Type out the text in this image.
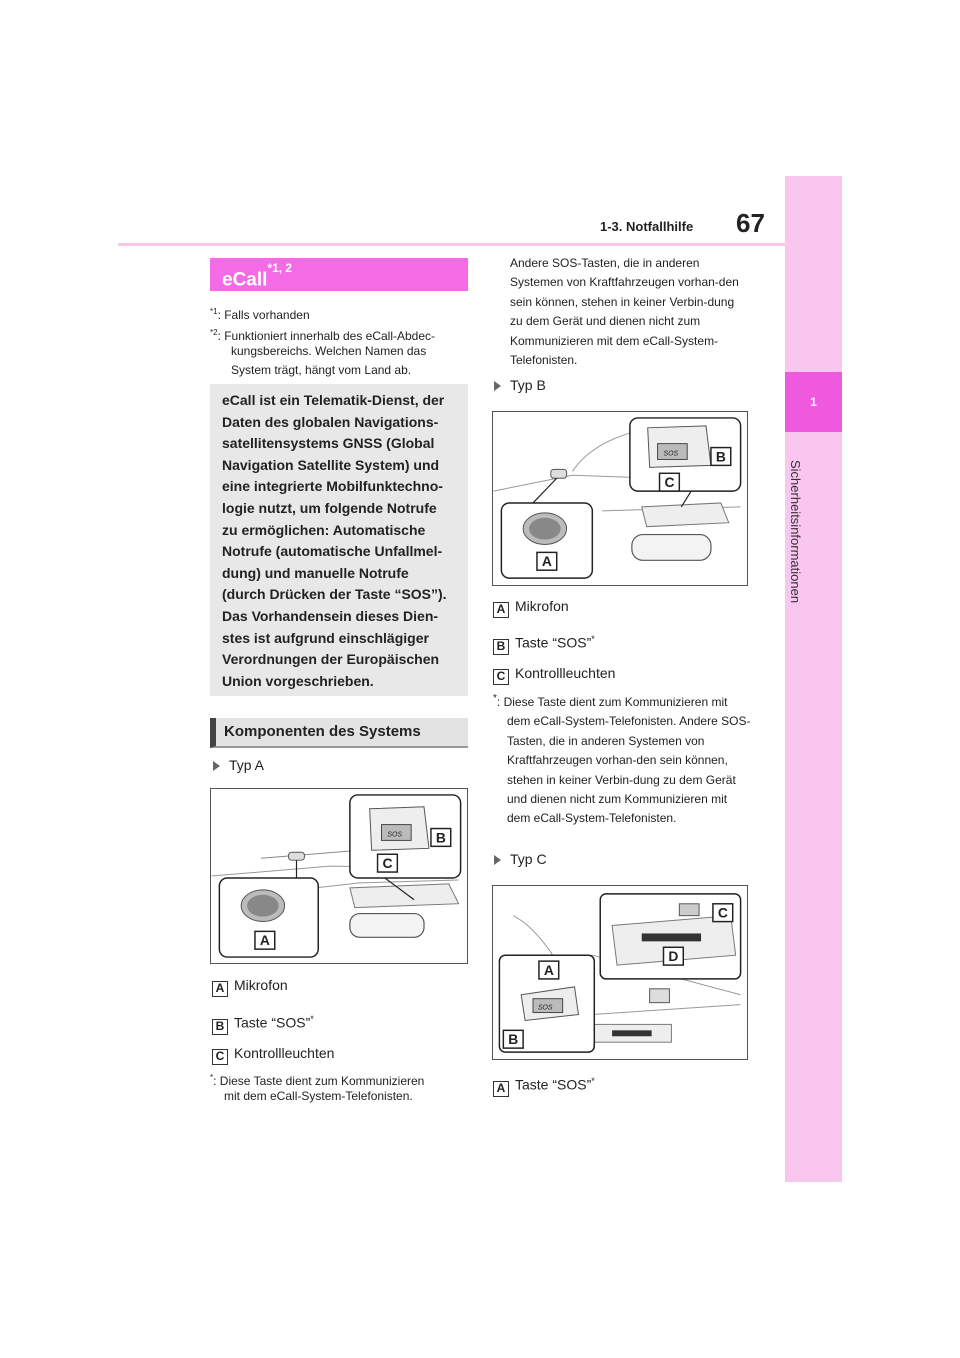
1
Sicherheitsinformationen
1-3. Notfallhilfe 67
eCall$^{*1, 2}$
$^{*1}$: Falls vorhanden
$^{*2}$: Funktioniert innerhalb des eCall-Abdec-
kungsbereichs. Welchen Namen das
System trägt, hängt vom Land ab.
eCall ist ein Telematik-Dienst, der Daten des globalen Navigations-satellitensystems GNSS (Global Navigation Satellite System) und eine integrierte Mobilfunktechno-logie nutzt, um folgende Notrufe zu ermöglichen: Automatische Notrufe (automatische Unfallmel-dung) und manuelle Notrufe (durch Drücken der Taste “SOS”). Das Vorhandensein dieses Dien-stes ist aufgrund einschlägiger Verordnungen der Europäischen Union vorgeschrieben.
Komponenten des Systems
Typ A
SOS B
C
A
A Mikrofon
B Taste “SOS”*
C Kontrollleuchten
*: Diese Taste dient zum Kommunizieren
mit dem eCall-System-Telefonisten.
Andere SOS-Tasten, die in anderen Systemen von Kraftfahrzeugen vorhan-den sein können, stehen in keiner Verbin-dung zu dem Gerät und dienen nicht zum Kommunizieren mit dem eCall-System-Telefonisten.
Typ B
SOS	B
C
A
A Mikrofon
B Taste “SOS”*
C Kontrollleuchten
*: Diese Taste dient zum Kommunizieren mit dem eCall-System-Telefonisten. Andere SOS-Tasten, die in anderen Systemen von Kraftfahrzeugen vorhan-den sein können, stehen in keiner Verbin-dung zu dem Gerät und dienen nicht zum Kommunizieren mit dem eCall-System-Telefonisten.
Typ C
C
D
SOS
A
B
A Taste “SOS”*
